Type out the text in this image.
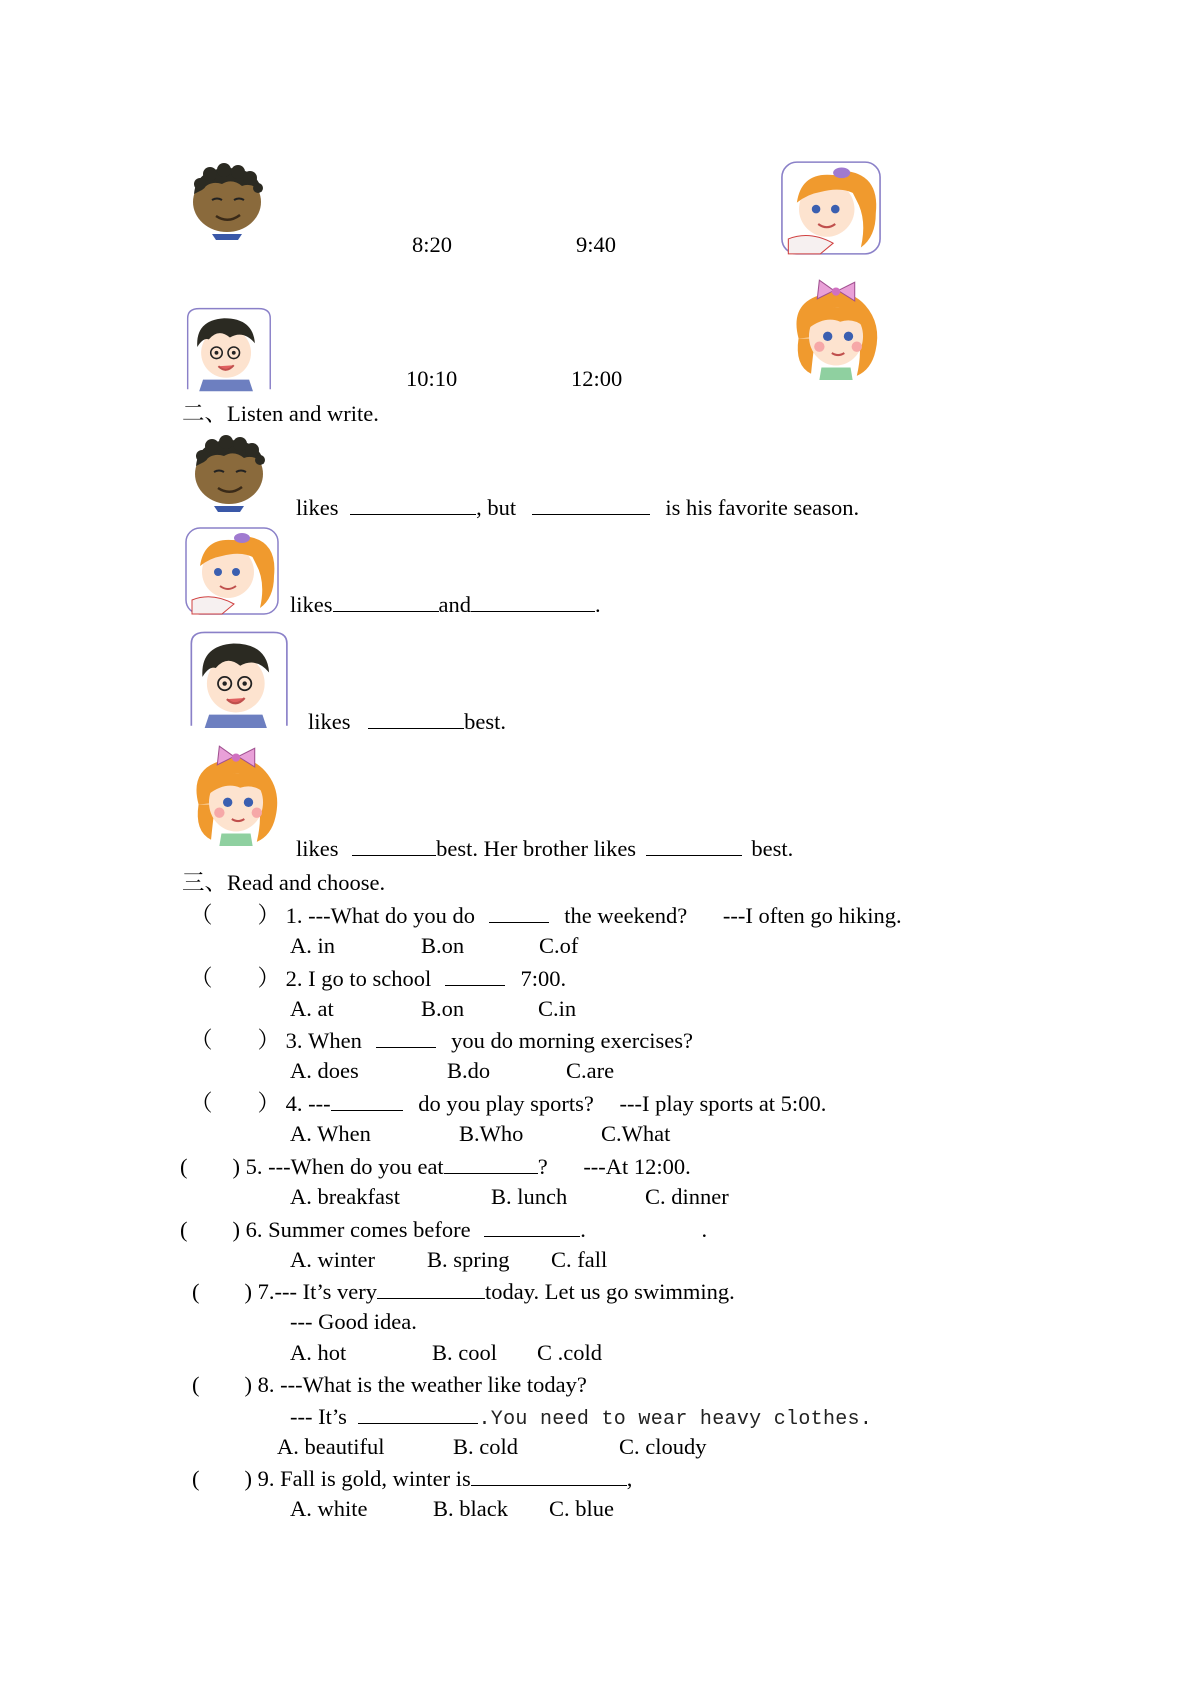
8:20	9:40
10:10	12:00
二、Listen and write.
likes	, but	is his favorite season.
likes	and	.
likes	best.
likes	best. Her brother likes	best.
三、Read and choose.
（　　） 1. ---What do you do	the weekend? ---I often go hiking.
A. in	B.on	C.of
（　　） 2. I go to school	7:00.
A. at	B.on	C.in
（　　） 3. When	you do morning exercises?
A. does	B.do	C.are
（　　） 4. ---	do you play sports? ---I play sports at 5:00.
A. When	B.Who	C.What
(　　) 5. ---When do you eat	? ---At 12:00.
A. breakfast	B. lunch	C. dinner
(　　) 6. Summer comes before	.	.
A. winter B. spring C. fall
(　　) 7.--- It’s very	today. Let us go swimming.
--- Good idea.
A. hot	B. cool C .cold
(　　) 8. ---What is the weather like today?
--- It’s	.You need to wear heavy clothes.
A. beautiful	B. cold	C. cloudy
(　　) 9. Fall is gold, winter is	,
A. white	B. black C. blue
